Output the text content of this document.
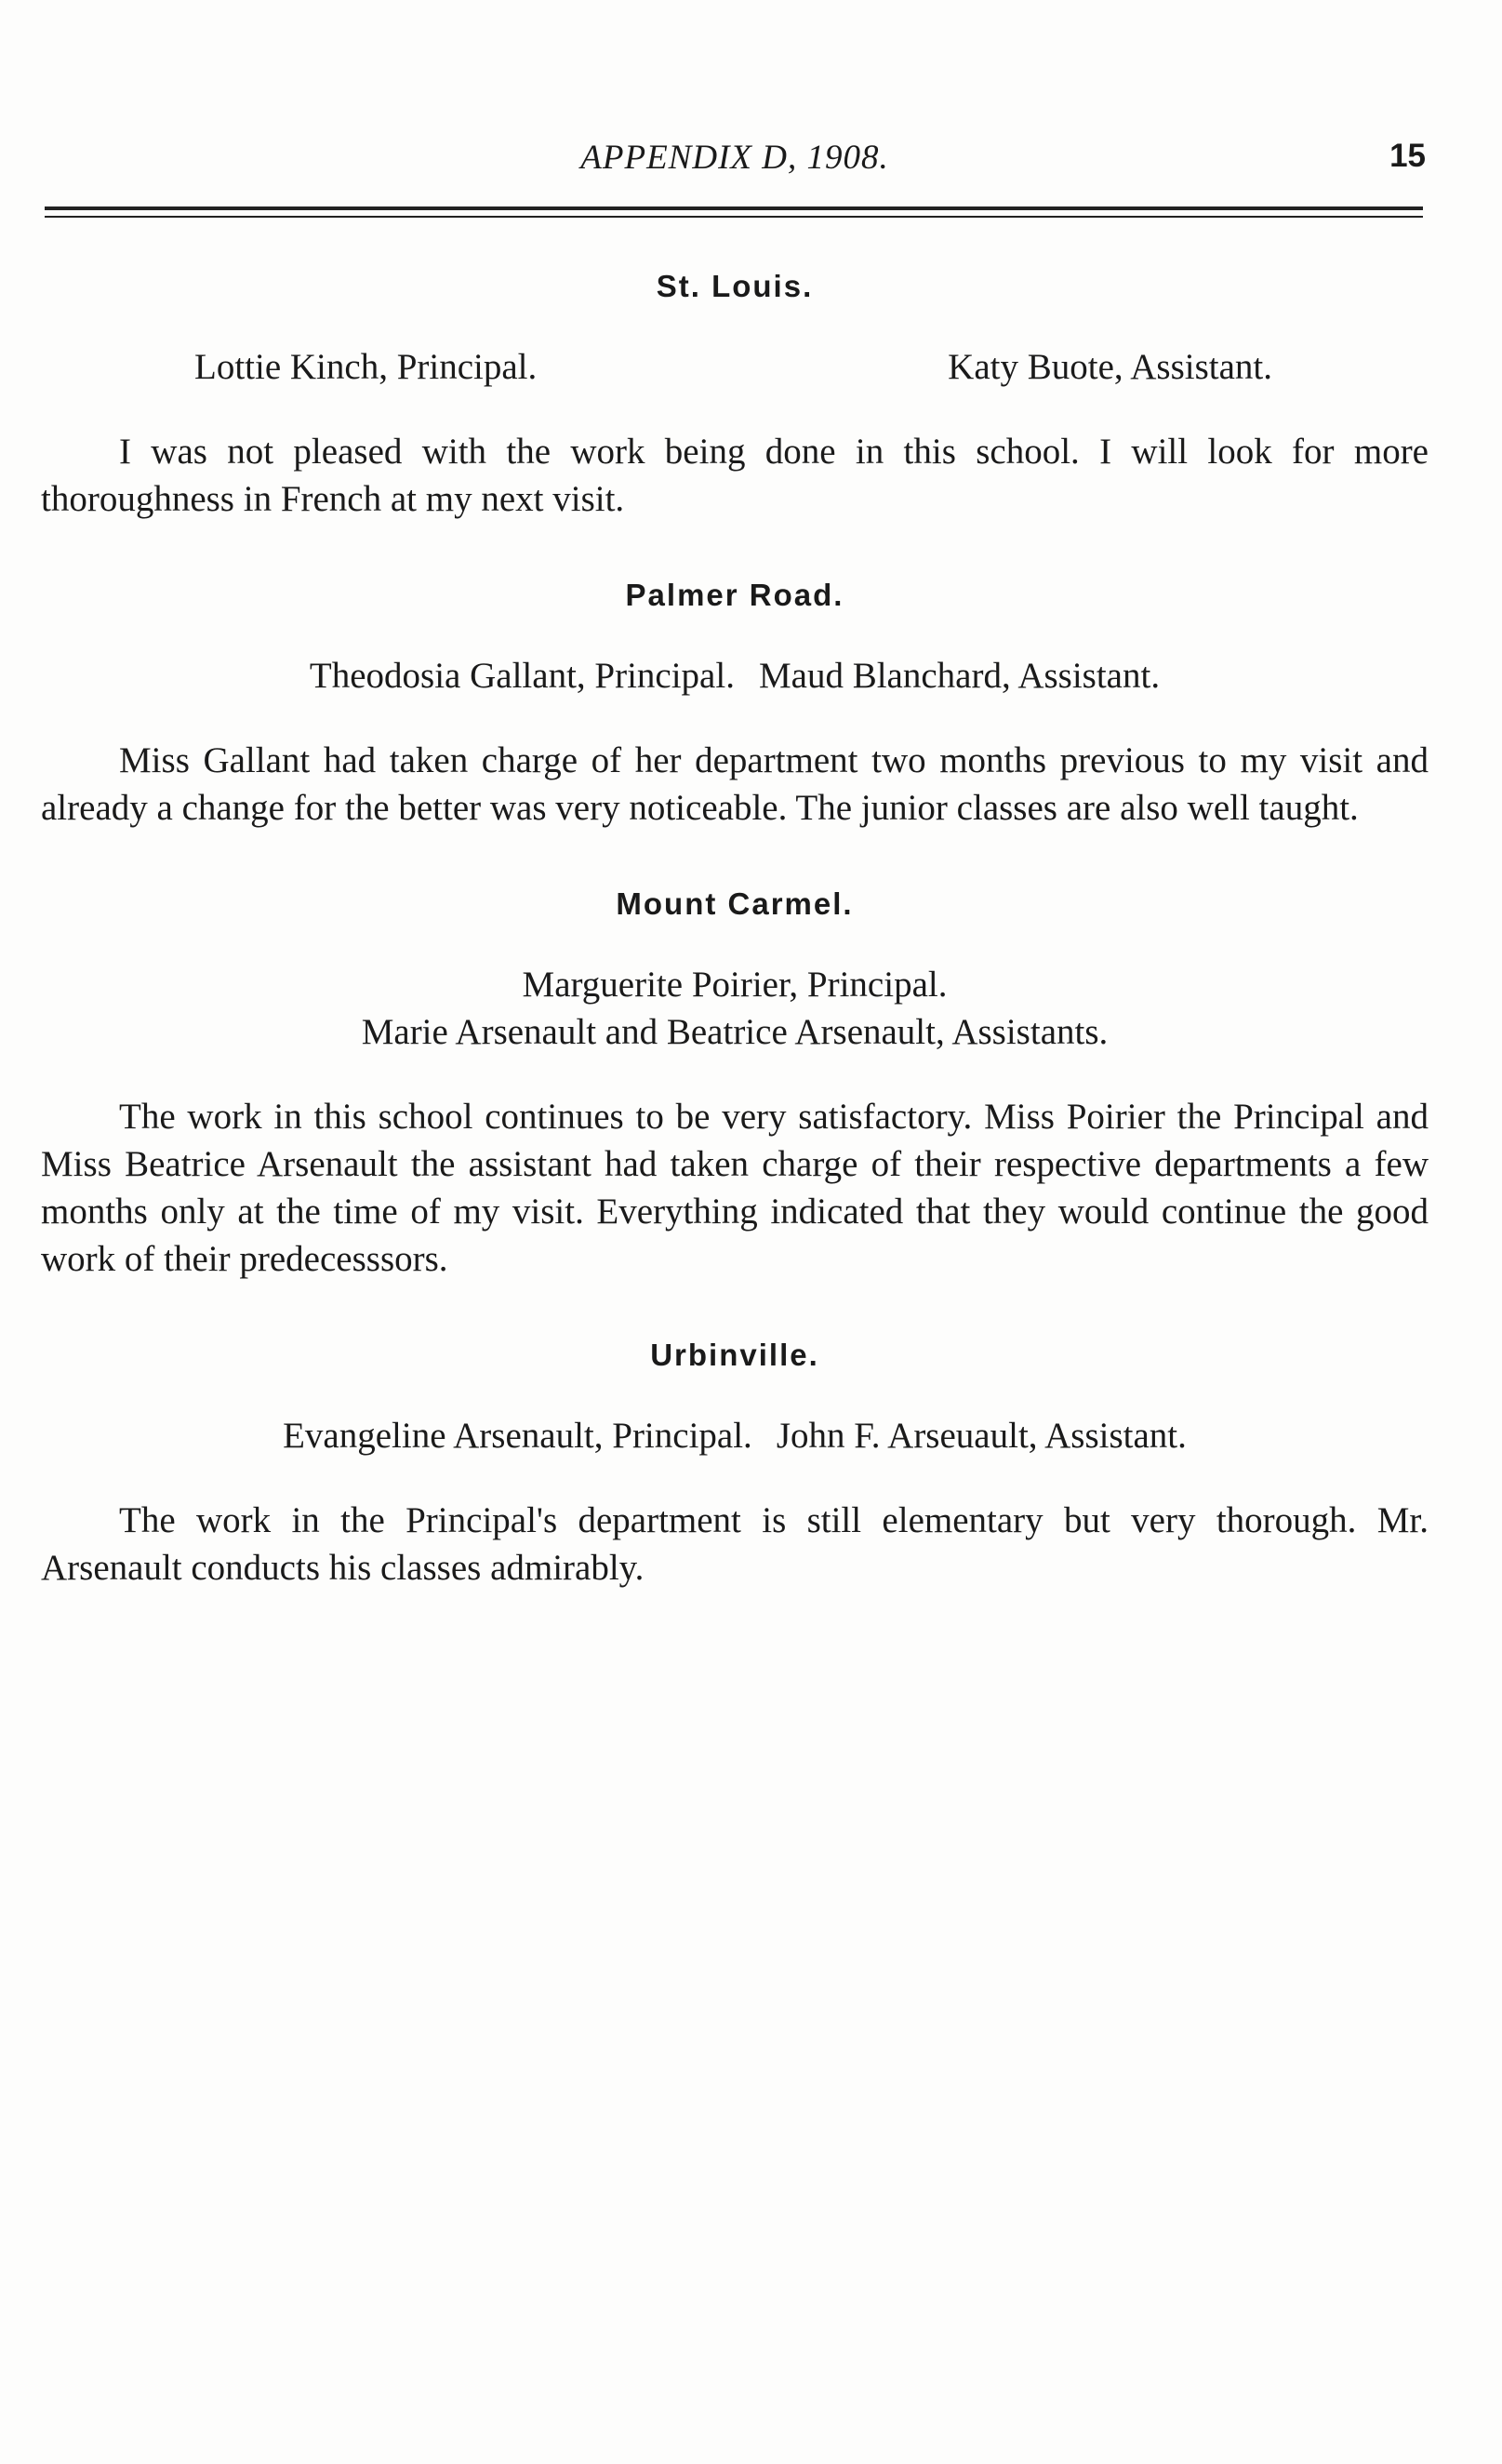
APPENDIX D, 1908.	15
St. Louis.
Lottie Kinch, Principal.	Katy Buote, Assistant.

I was not pleased with the work being done in this school. I will look for more thoroughness in French at my next visit.

Palmer Road.
Theodosia Gallant, Principal. Maud Blanchard, Assistant.

Miss Gallant had taken charge of her department two months previous to my visit and already a change for the better was very noticeable. The junior classes are also well taught.

Mount Carmel.
Marguerite Poirier, Principal.
Marie Arsenault and Beatrice Arsenault, Assistants.

The work in this school continues to be very satisfactory. Miss Poirier the Principal and Miss Beatrice Arsenault the assistant had taken charge of their respective departments a few months only at the time of my visit. Everything indicated that they would continue the good work of their predecesssors.

Urbinville.
Evangeline Arsenault, Principal. John F. Arseuault, Assistant.

The work in the Principal's department is still elementary but very thorough. Mr. Arsenault conducts his classes admirably.
